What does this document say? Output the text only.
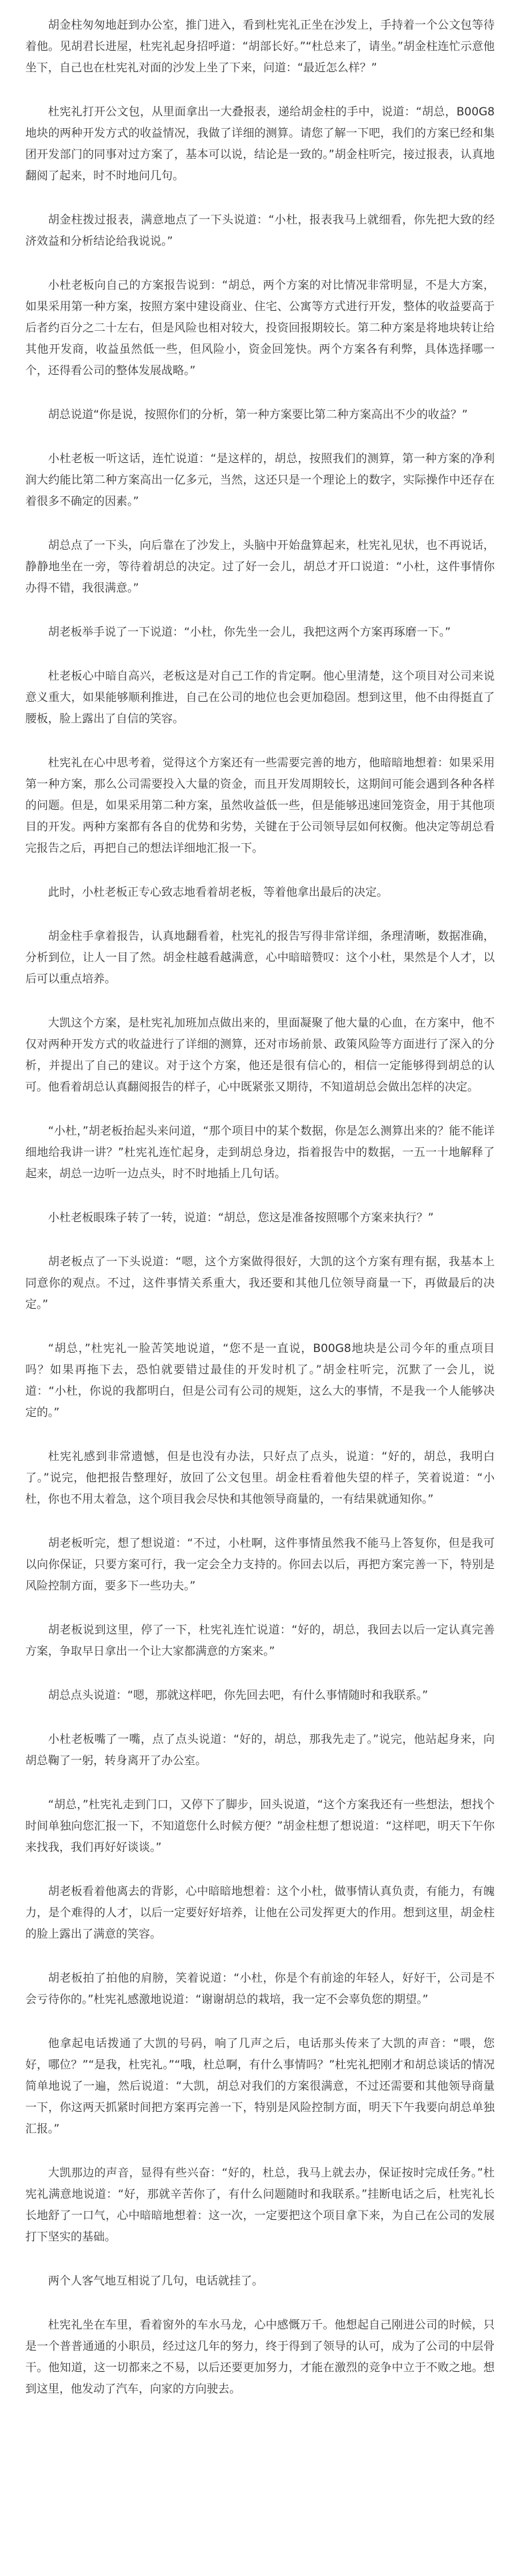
胡金柱匆匆地赶到办公室，推门进入，看到杜宪礼正坐在沙发上，手持着一个公文包等待着他。见胡君长进屋，杜宪礼起身招呼道：“胡部长好。”“杜总来了，请坐。”胡金柱连忙示意他坐下，自己也在杜宪礼对面的沙发上坐了下来，问道：“最近怎么样？”

杜宪礼打开公文包，从里面拿出一大叠报表，递给胡金柱的手中，说道：“胡总，B00G8地块的两种开发方式的收益情况，我做了详细的测算。请您了解一下吧，我们的方案已经和集团开发部门的同事对过方案了，基本可以说，结论是一致的。”胡金柱听完，接过报表，认真地翻阅了起来，时不时地问几句。

胡金柱拨过报表，满意地点了一下头说道：“小杜，报表我马上就细看，你先把大致的经济效益和分析结论给我说说。”

小杜老板向自己的方案报告说到：“胡总，两个方案的对比情况非常明显，不是大方案，如果采用第一种方案，按照方案中建设商业、住宅、公寓等方式进行开发，整体的收益要高于后者约百分之二十左右，但是风险也相对较大，投资回报期较长。第二种方案是将地块转让给其他开发商，收益虽然低一些，但风险小，资金回笼快。两个方案各有利弊，具体选择哪一个，还得看公司的整体发展战略。”

胡总说道“你是说，按照你们的分析，第一种方案要比第二种方案高出不少的收益？”

小杜老板一听这话，连忙说道：“是这样的，胡总，按照我们的测算，第一种方案的净利润大约能比第二种方案高出一亿多元，当然，这还只是一个理论上的数字，实际操作中还存在着很多不确定的因素。”

胡总点了一下头，向后靠在了沙发上，头脑中开始盘算起来，杜宪礼见状，也不再说话，静静地坐在一旁，等待着胡总的决定。过了好一会儿，胡总才开口说道：“小杜，这件事情你办得不错，我很满意。”

胡老板举手说了一下说道：“小杜，你先坐一会儿，我把这两个方案再琢磨一下。”

杜老板心中暗自高兴，老板这是对自己工作的肯定啊。他心里清楚，这个项目对公司来说意义重大，如果能够顺利推进，自己在公司的地位也会更加稳固。想到这里，他不由得挺直了腰板，脸上露出了自信的笑容。

杜宪礼在心中思考着，觉得这个方案还有一些需要完善的地方，他暗暗地想着：如果采用第一种方案，那么公司需要投入大量的资金，而且开发周期较长，这期间可能会遇到各种各样的问题。但是，如果采用第二种方案，虽然收益低一些，但是能够迅速回笼资金，用于其他项目的开发。两种方案都有各自的优势和劣势，关键在于公司领导层如何权衡。他决定等胡总看完报告之后，再把自己的想法详细地汇报一下。

此时，小杜老板正专心致志地看着胡老板，等着他拿出最后的决定。

胡金柱手拿着报告，认真地翻看着，杜宪礼的报告写得非常详细，条理清晰，数据准确，分析到位，让人一目了然。胡金柱越看越满意，心中暗暗赞叹：这个小杜，果然是个人才，以后可以重点培养。

大凯这个方案，是杜宪礼加班加点做出来的，里面凝聚了他大量的心血，在方案中，他不仅对两种开发方式的收益进行了详细的测算，还对市场前景、政策风险等方面进行了深入的分析，并提出了自己的建议。对于这个方案，他还是很有信心的，相信一定能够得到胡总的认可。他看着胡总认真翻阅报告的样子，心中既紧张又期待，不知道胡总会做出怎样的决定。

“小杜，”胡老板抬起头来问道，“那个项目中的某个数据，你是怎么测算出来的？能不能详细地给我讲一讲？”杜宪礼连忙起身，走到胡总身边，指着报告中的数据，一五一十地解释了起来，胡总一边听一边点头，时不时地插上几句话。

小杜老板眼珠子转了一转，说道：“胡总，您这是准备按照哪个方案来执行？”

胡老板点了一下头说道：“嗯，这个方案做得很好，大凯的这个方案有理有据，我基本上同意你的观点。不过，这件事情关系重大，我还要和其他几位领导商量一下，再做最后的决定。”

“胡总，”杜宪礼一脸苦笑地说道，“您不是一直说，B00G8地块是公司今年的重点项目吗？如果再拖下去，恐怕就要错过最佳的开发时机了。”胡金柱听完，沉默了一会儿，说道：“小杜，你说的我都明白，但是公司有公司的规矩，这么大的事情，不是我一个人能够决定的。”

杜宪礼感到非常遗憾，但是也没有办法，只好点了点头，说道：“好的，胡总，我明白了。”说完，他把报告整理好，放回了公文包里。胡金柱看着他失望的样子，笑着说道：“小杜，你也不用太着急，这个项目我会尽快和其他领导商量的，一有结果就通知你。”

胡老板听完，想了想说道：“不过，小杜啊，这件事情虽然我不能马上答复你，但是我可以向你保证，只要方案可行，我一定会全力支持的。你回去以后，再把方案完善一下，特别是风险控制方面，要多下一些功夫。”

胡老板说到这里，停了一下，杜宪礼连忙说道：“好的，胡总，我回去以后一定认真完善方案，争取早日拿出一个让大家都满意的方案来。”

胡总点头说道：“嗯，那就这样吧，你先回去吧，有什么事情随时和我联系。”

小杜老板嘴了一嘴，点了点头说道：“好的，胡总，那我先走了。”说完，他站起身来，向胡总鞠了一躬，转身离开了办公室。

“胡总，”杜宪礼走到门口，又停下了脚步，回头说道，“这个方案我还有一些想法，想找个时间单独向您汇报一下，不知道您什么时候方便？”胡金柱想了想说道：“这样吧，明天下午你来找我，我们再好好谈谈。”

胡老板看着他离去的背影，心中暗暗地想着：这个小杜，做事情认真负责，有能力，有魄力，是个难得的人才，以后一定要好好培养，让他在公司发挥更大的作用。想到这里，胡金柱的脸上露出了满意的笑容。

胡老板拍了拍他的肩膀，笑着说道：“小杜，你是个有前途的年轻人，好好干，公司是不会亏待你的。”杜宪礼感激地说道：“谢谢胡总的栽培，我一定不会辜负您的期望。”

他拿起电话拨通了大凯的号码，响了几声之后，电话那头传来了大凯的声音：“喂，您好，哪位？”“是我，杜宪礼。”“哦，杜总啊，有什么事情吗？”杜宪礼把刚才和胡总谈话的情况简单地说了一遍，然后说道：“大凯，胡总对我们的方案很满意，不过还需要和其他领导商量一下，你这两天抓紧时间把方案再完善一下，特别是风险控制方面，明天下午我要向胡总单独汇报。”

大凯那边的声音，显得有些兴奋：“好的，杜总，我马上就去办，保证按时完成任务。”杜宪礼满意地说道：“好，那就辛苦你了，有什么问题随时和我联系。”挂断电话之后，杜宪礼长长地舒了一口气，心中暗暗地想着：这一次，一定要把这个项目拿下来，为自己在公司的发展打下坚实的基础。

两个人客气地互相说了几句，电话就挂了。

杜宪礼坐在车里，看着窗外的车水马龙，心中感慨万千。他想起自己刚进公司的时候，只是一个普普通通的小职员，经过这几年的努力，终于得到了领导的认可，成为了公司的中层骨干。他知道，这一切都来之不易，以后还要更加努力，才能在激烈的竞争中立于不败之地。想到这里，他发动了汽车，向家的方向驶去。
